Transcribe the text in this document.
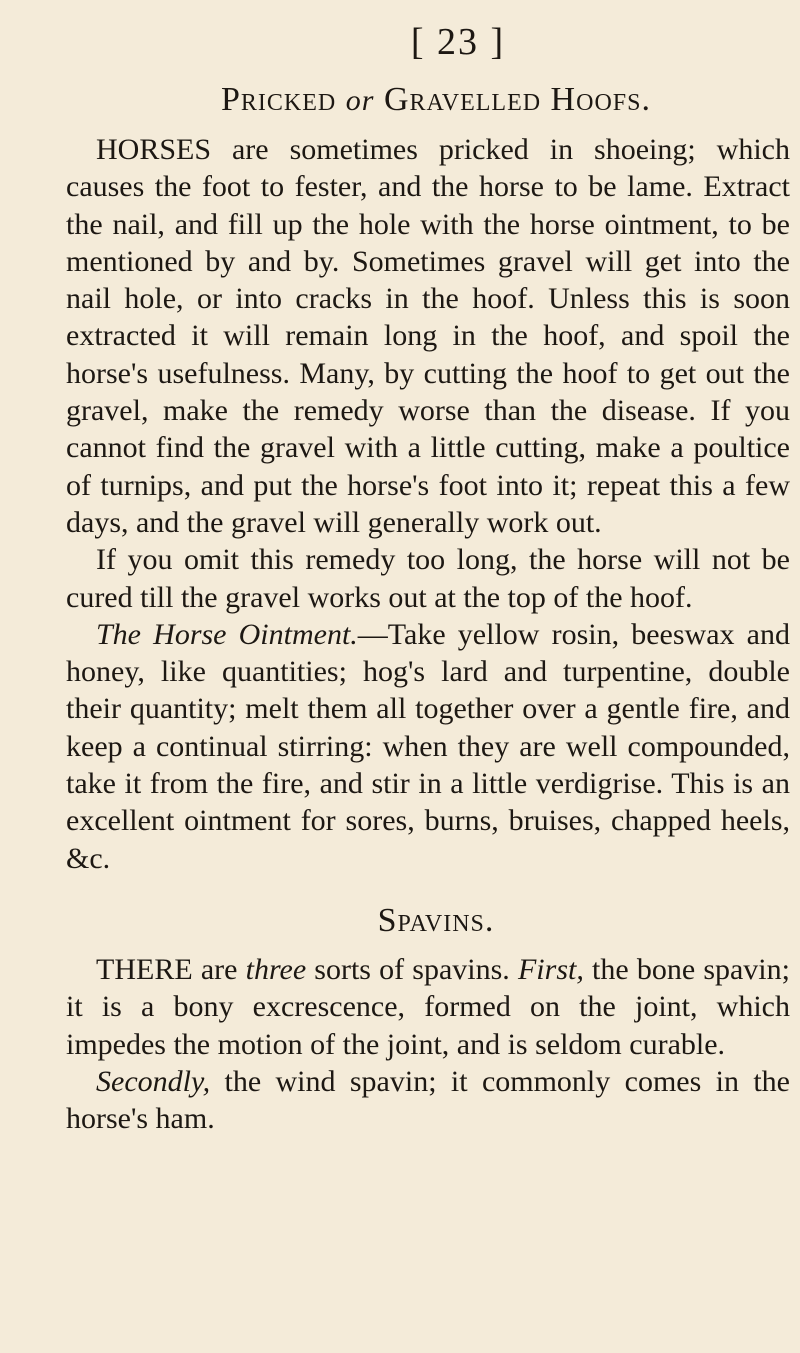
[ 23 ]
Pricked or Gravelled Hoofs.

HORSES are sometimes pricked in shoeing; which causes the foot to fester, and the horse to be lame. Extract the nail, and fill up the hole with the horse ointment, to be mentioned by and by. Sometimes gravel will get into the nail hole, or into cracks in the hoof. Unless this is soon extracted it will remain long in the hoof, and spoil the horse's usefulness. Many, by cutting the hoof to get out the gravel, make the remedy worse than the disease. If you cannot find the gravel with a little cutting, make a poultice of turnips, and put the horse's foot into it; repeat this a few days, and the gravel will generally work out.

If you omit this remedy too long, the horse will not be cured till the gravel works out at the top of the hoof.

The Horse Ointment.—Take yellow rosin, beeswax and honey, like quantities; hog's lard and turpentine, double their quantity; melt them all together over a gentle fire, and keep a continual stirring: when they are well compounded, take it from the fire, and stir in a little verdigrise. This is an excellent ointment for sores, burns, bruises, chapped heels, &c.

Spavins.

THERE are three sorts of spavins. First, the bone spavin; it is a bony excrescence, formed on the joint, which impedes the motion of the joint, and is seldom curable.

Secondly, the wind spavin; it commonly comes in the horse's ham.
